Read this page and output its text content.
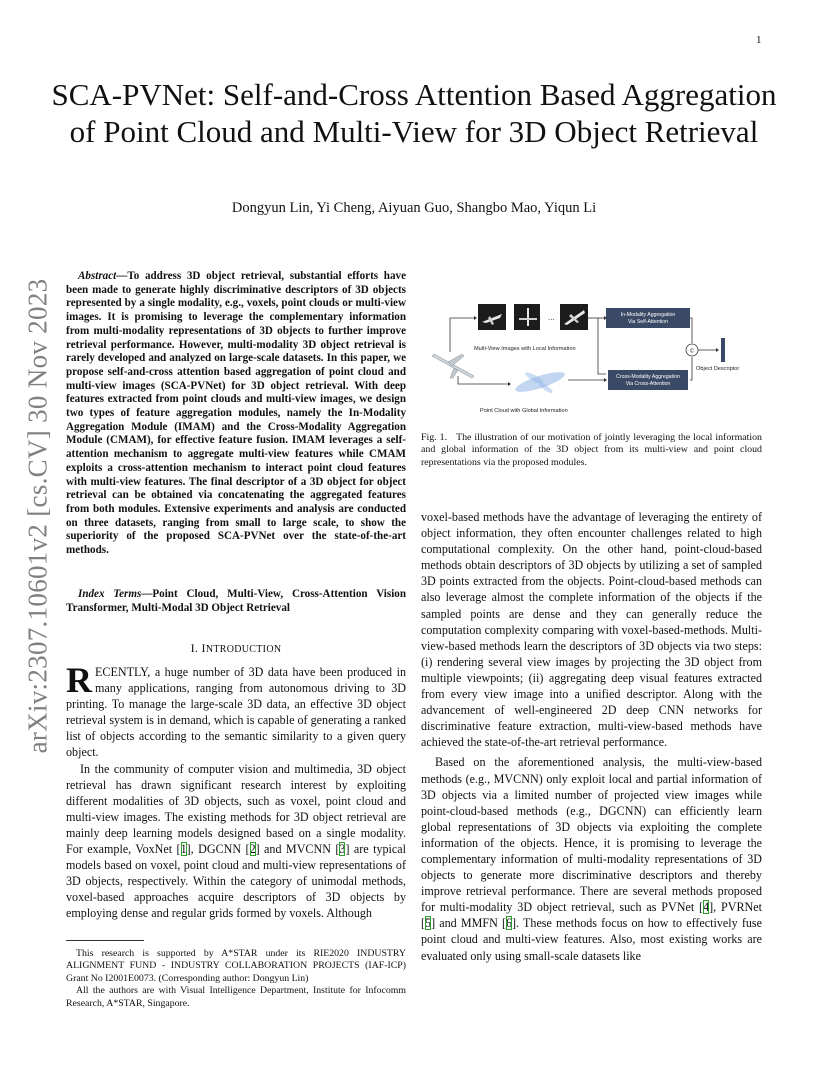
1
SCA-PVNet: Self-and-Cross Attention Based Aggregation of Point Cloud and Multi-View for 3D Object Retrieval
Dongyun Lin, Yi Cheng, Aiyuan Guo, Shangbo Mao, Yiqun Li
arXiv:2307.10601v2 [cs.CV] 30 Nov 2023
Abstract—To address 3D object retrieval, substantial efforts have been made to generate highly discriminative descriptors of 3D objects represented by a single modality, e.g., voxels, point clouds or multi-view images. It is promising to leverage the complementary information from multi-modality representations of 3D objects to further improve retrieval performance. However, multi-modality 3D object retrieval is rarely developed and analyzed on large-scale datasets. In this paper, we propose self-and-cross attention based aggregation of point cloud and multi-view images (SCA-PVNet) for 3D object retrieval. With deep features extracted from point clouds and multi-view images, we design two types of feature aggregation modules, namely the In-Modality Aggregation Module (IMAM) and the Cross-Modality Aggregation Module (CMAM), for effective feature fusion. IMAM leverages a self-attention mechanism to aggregate multi-view features while CMAM exploits a cross-attention mechanism to interact point cloud features with multi-view features. The final descriptor of a 3D object for object retrieval can be obtained via concatenating the aggregated features from both modules. Extensive experiments and analysis are conducted on three datasets, ranging from small to large scale, to show the superiority of the proposed SCA-PVNet over the state-of-the-art methods.
Index Terms—Point Cloud, Multi-View, Cross-Attention Vision Transformer, Multi-Modal 3D Object Retrieval
I. INTRODUCTION

RECENTLY, a huge number of 3D data have been produced in many applications, ranging from autonomous driving to 3D printing. To manage the large-scale 3D data, an effective 3D object retrieval system is in demand, which is capable of generating a ranked list of objects according to the semantic similarity to a given query object.

In the community of computer vision and multimedia, 3D object retrieval has drawn significant research interest by exploiting different modalities of 3D objects, such as voxel, point cloud and multi-view images. The existing methods for 3D object retrieval are mainly deep learning models designed based on a single modality. For example, VoxNet [1], DGCNN [2] and MVCNN [3] are typical models based on voxel, point cloud and multi-view representations of 3D objects, respectively. Within the category of unimodal methods, voxel-based approaches acquire descriptors of 3D objects by employing dense and regular grids formed by voxels. Although

This research is supported by A*STAR under its RIE2020 INDUSTRY ALIGNMENT FUND - INDUSTRY COLLABORATION PROJECTS (IAF-ICP) Grant No I2001E0073. (Corresponding author: Dongyun Lin)

All the authors are with Visual Intelligence Department, Institute for Infocomm Research, A*STAR, Singapore.

...	In-Modality Aggregation
Via Self-Attention
Multi-View Images with Local Information
Point Cloud with Global Information
Cross-Modality Aggregation
Via Cross-Attention
c
Object Descriptor
Fig. 1. The illustration of our motivation of jointly leveraging the local information and global information of the 3D object from its multi-view and point cloud representations via the proposed modules.

voxel-based methods have the advantage of leveraging the entirety of object information, they often encounter challenges related to high computational complexity. On the other hand, point-cloud-based methods obtain descriptors of 3D objects by utilizing a set of sampled 3D points extracted from the objects. Point-cloud-based methods can also leverage almost the complete information of the objects if the sampled points are dense and they can generally reduce the computation complexity comparing with voxel-based-methods. Multi-view-based methods learn the descriptors of 3D objects via two steps: (i) rendering several view images by projecting the 3D object from multiple viewpoints; (ii) aggregating deep visual features extracted from every view image into a unified descriptor. Along with the advancement of well-engineered 2D deep CNN networks for discriminative feature extraction, multi-view-based methods have achieved the state-of-the-art retrieval performance.

Based on the aforementioned analysis, the multi-view-based methods (e.g., MVCNN) only exploit local and partial information of 3D objects via a limited number of projected view images while point-cloud-based methods (e.g., DGCNN) can efficiently learn global representations of 3D objects via exploiting the complete information of the objects. Hence, it is promising to leverage the complementary information of multi-modality representations of 3D objects to generate more discriminative descriptors and thereby improve retrieval performance. There are several methods proposed for multi-modality 3D object retrieval, such as PVNet [4], PVRNet [5] and MMFN [6]. These methods focus on how to effectively fuse point cloud and multi-view features. Also, most existing works are evaluated only using small-scale datasets like
